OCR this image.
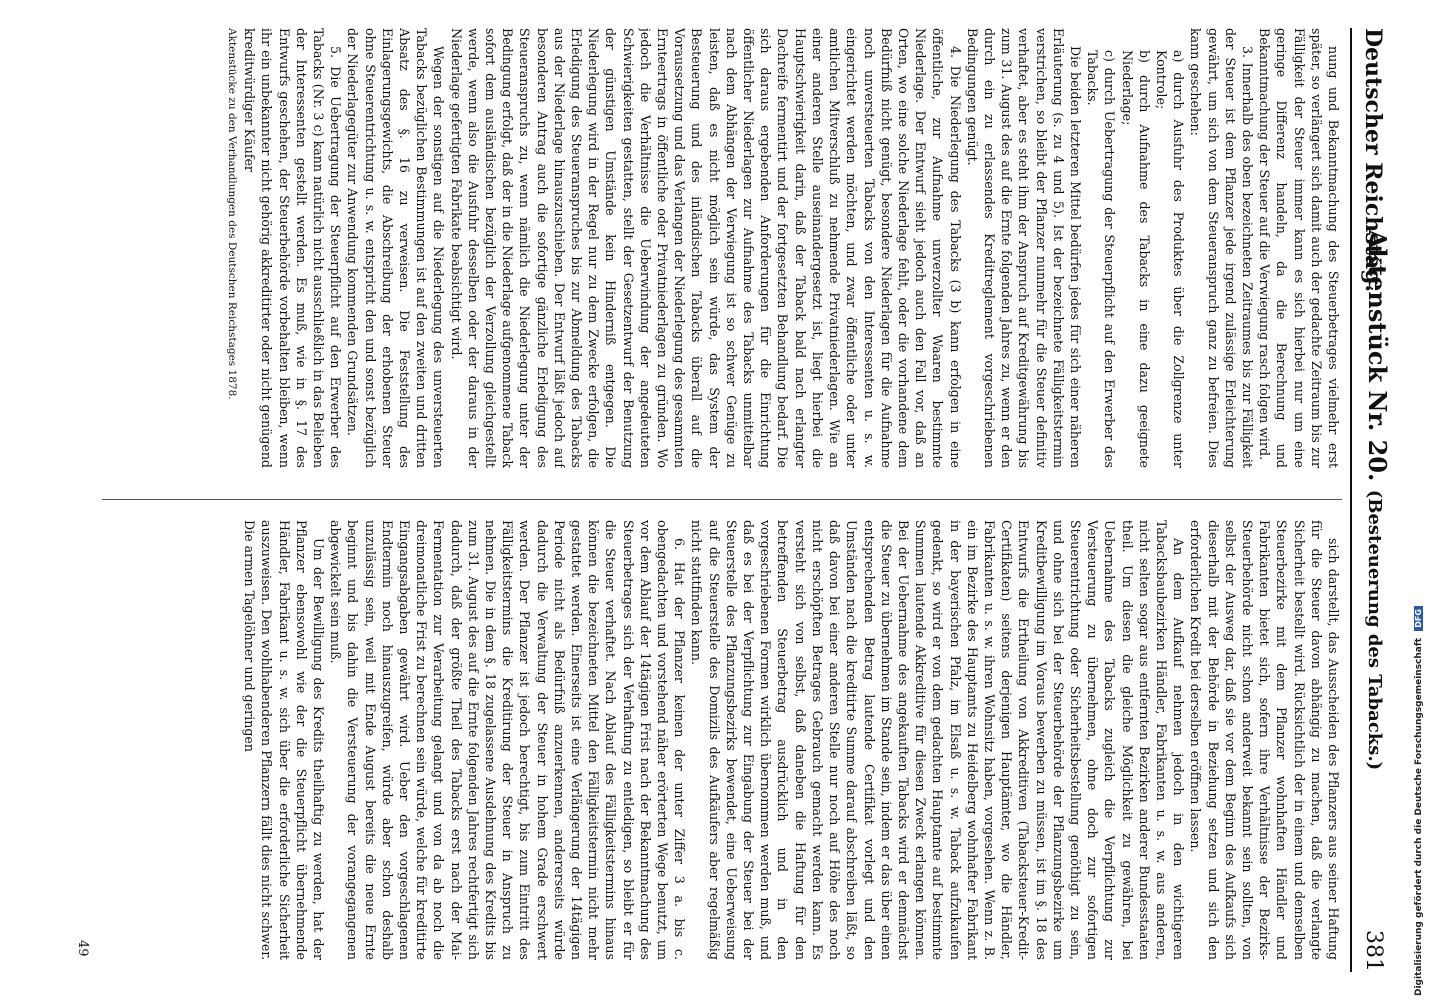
Deutscher Reichstag.
Aktenstück Nr. 20. (Besteuerung des Tabacks.)
381

nung und Bekanntmachung des Steuerbetrages vielmehr erst später, so verlängert sich damit auch der gedachte Zeitraum bis zur Fälligkeit der Steuer immer kann es sich hierbei nur um eine geringe Differenz handeln, da die Berechnung und Bekanntmachung der Steuer auf die Verwiegung rasch folgen wird.

3. Innerhalb des oben bezeichneten Zeitraumes bis zur Fälligkeit der Steuer ist dem Pflanzer jede irgend zulässige Erleichterung gewährt, um sich von dem Steueranspruch ganz zu befreien. Dies kann geschehen:

a) durch Ausfuhr des Produktes über die Zollgrenze unter Kontrole;

b) durch Aufnahme des Tabacks in eine dazu geeignete Niederlage;

c) durch Uebertragung der Steuerpflicht auf den Erwerber des Tabacks.

Die beiden letzteren Mittel bedürfen jedes für sich einer näheren Erläuterung (s. zu 4 und 5). Ist der bezeichnete Fälligkeitstermin verstrichen, so bleibt der Pflanzer nunmehr für die Steuer definitiv verhaftet, aber es steht ihm der Anspruch auf Kreditgewährung bis zum 31. August des auf die Ernte folgenden Jahres zu, wenn er den durch ein zu erlassendes Kreditreglement vorgeschriebenen Bedingungen genügt.

4. Die Niederlegung des Tabacks (3 b) kann erfolgen in eine öffentliche, zur Aufnahme unverzollter Waaren bestimmte Niederlage. Der Entwurf sieht jedoch auch den Fall vor, daß an Orten, wo eine solche Niederlage fehlt, oder die vorhandene dem Bedürfniß nicht genügt, besondere Niederlagen für die Aufnahme noch unversteuerten Tabacks von den Interessenten u. s. w. eingerichtet werden möchten, und zwar öffentliche oder unter amtlichen Mitverschluß zu nehmende Privatniederlagen. Wie an einer anderen Stelle auseinandergesetzt ist, liegt hierbei die Hauptschwierigkeit darin, daß der Taback bald nach erlangter Dachreife fermentirt und der fortgesetzten Behandlung bedarf. Die sich daraus ergebenden Anforderungen für die Einrichtung öffentlicher Niederlagen zur Aufnahme des Tabacks unmittelbar nach dem Abhängen der Verwiegung ist so schwer Genüge zu leisten, daß es nicht möglich sein würde, das System der Besteuerung und des inländischen Tabacks überall auf die Voraussetzung und das Verlangen der Niederlegung des gesammten Ernteertrags in öffentliche oder Privatniederlagen zu gründen. Wo jedoch die Verhältnisse die Ueberwindung der angedeuteten Schwierigkeiten gestatten, stellt der Gesetzentwurf der Benutzung der günstigen Umstände kein Hinderniß entgegen. Die Niederlegung wird in der Regel nur zu dem Zwecke erfolgen, die Erledigung des Steueranspruches bis zur Abmeldung des Tabacks aus der Niederlage hinauszuschieben. Der Entwurf läßt jedoch auf besonderen Antrag auch die sofortige gänzliche Erledigung des Steueranspruchs zu, wenn nämlich die Niederlegung unter der Bedingung erfolgt, daß der in die Niederlage aufgenommene Taback sofort dem ausländischen bezüglich der Verzollung gleichgestellt werde, wenn also die Ausfuhr desselben oder der daraus in der Niederlage gefertigten Fabrikate beabsichtigt wird.

Wegen der sonstigen auf die Niederlegung des unversteuerten Tabacks bezüglichen Bestimmungen ist auf den zweiten und dritten Absatz des §. 16 zu verweisen. Die Feststellung des Einlagerungsgewichts, die Abschreibung der erhobenen Steuer ohne Steuerentrichtung u. s. w. entspricht den und sonst bezüglich der Niederlagegüter zur Anwendung kommenden Grundsätzen.

5. Die Uebertragung der Steuerpflicht auf den Erwerber des Tabacks (Nr. 3 c) kann natürlich nicht ausschließlich in das Belieben der Interessenten gestellt werden. Es muß, wie in §. 17 des Entwurfs geschehen, der Steuerbehörde vorbehalten bleiben, wenn ihr ein unbekannter nicht gehörig akkreditirter oder nicht genügend kreditwürdiger Käufer

Aktenstücke zu den Verhandlungen des Deutschen Reichstages 1878.

sich darstellt, das Ausscheiden des Pflanzers aus seiner Haftung für die Steuer davon abhängig zu machen, daß die verlangte Sicherheit bestellt wird. Rücksichtlich der in einem und demselben Steuerbezirke mit dem Pflanzer wohnhaften Händler und Fabrikanten bietet sich, sofern ihre Verhältnisse der Bezirks-Steuerbehörde nicht schon anderweit bekannt sein sollten, von selbst der Ausweg dar, daß sie vor dem Beginn des Aufkaufs sich dieserhalb mit der Behörde in Beziehung setzen und sich den erforderlichen Kredit bei derselben eröffnen lassen.

An dem Aufkauf nehmen jedoch in den wichtigeren Tabacksbaubezirken Händler, Fabrikanten u. s. w. aus anderen, nicht selten sogar aus entfernten Bezirken anderer Bundesstaaten theil. Um diesen die gleiche Möglichkeit zu gewähren, bei Uebernahme des Tabacks zugleich die Verpflichtung zur Versteuerung zu übernehmen, ohne doch zur sofortigen Steuerentrichtung oder Sicherheitsbestellung genöthigt zu sein, und ohne sich bei der Steuerbehörde der Pflanzungsbezirke um Kreditbewilligung im Voraus bewerben zu müssen, ist im §. 18 des Entwurfs die Ertheilung von Akkreditiven (Tabacksteuer-Kredit-Certifikaten) seitens derjenigen Hauptämter, wo die Händler, Fabrikanten u. s. w. ihren Wohnsitz haben, vorgesehen. Wenn z. B. ein im Bezirke des Hauptamts zu Heidelberg wohnhafter Fabrikant in der bayerischen Pfalz, im Elsaß u. s. w. Taback aufzukaufen gedenkt, so wird er von dem gedachten Hauptamte auf bestimmte Summen lautende Akkreditive für diesen Zweck erlangen können. Bei der Uebernahme des angekauften Tabacks wird er demnächst die Steuer zu übernehmen im Stande sein, indem er das über einen entsprechenden Betrag lautende Certifikat vorlegt und den Umständen nach die kreditirte Summe darauf abschreiben läßt, so daß davon bei einer anderen Stelle nur noch auf Höhe des noch nicht erschöpften Betrages Gebrauch gemacht werden kann. Es versteht sich von selbst, daß daneben die Haftung für den betreffenden Steuerbetrag ausdrücklich und in den vorgeschriebenen Formen wirklich übernommen werden muß, und daß es bei der Verpflichtung zur Eingabung der Steuer bei der Steuerstelle des Pflanzungsbezirks bewendet, eine Ueberweisung auf die Steuerstelle des Domizils des Aufkäufers aber regelmäßig nicht stattfinden kann.

6. Hat der Pflanzer keinen der unter Ziffer 3 a. bis c. obengedachten und vorstehend näher erörterten Wege benutzt, um vor dem Ablauf der 14tägigen Frist nach der Bekanntmachung des Steuerbetrages sich der Verhaftung zu entledigen, so bleibt er für die Steuer verhaftet. Nach Ablauf des Fälligkeitstermins hinaus können die bezeichneten Mittel den Fälligkeitstermin nicht mehr gestattet werden. Einerseits ist eine Verlängerung der 14tägigen Periode nicht als Bedürfniß anzuerkennen, andererseits würde dadurch die Verwaltung der Steuer in hohem Grade erschwert werden. Der Pflanzer ist jedoch berechtigt, bis zum Eintritt des Fälligkeitstermins die Kreditirung der Steuer in Anspruch zu nehmen. Die in dem §. 18 zugelassene Ausdehnung des Kredits bis zum 31. August des auf die Ernte folgenden Jahres rechtfertigt sich dadurch, daß der größte Theil des Tabacks erst nach der Mai-Fermentation zur Verarbeitung gelangt und von da ab noch die dreimonatliche Frist zu berechnen sein würde, welche für kreditirte Eingangsabgaben gewährt wird. Ueber den vorgeschlagenen Endtermin noch hinauszugreifen, würde aber schon deshalb unzulässig sein, weil mit Ende August bereits die neue Ernte beginnt und bis dahin die Versteuerung der vorangegangenen abgewickelt sein muß.

Um der Bewilligung des Kredits theilhaftig zu werden, hat der Pflanzer ebensowohl wie der die Steuerpflicht übernehmende Händler, Fabrikant u. s. w. sich über die erforderliche Sicherheit auszuweisen. Den wohlhabenderen Pflanzern fällt dies nicht schwer. Die armen Tagelöhner und geringen

49	Digitalisierung gefördert durch die Deutsche Forschungsgemeinschaft DFG
